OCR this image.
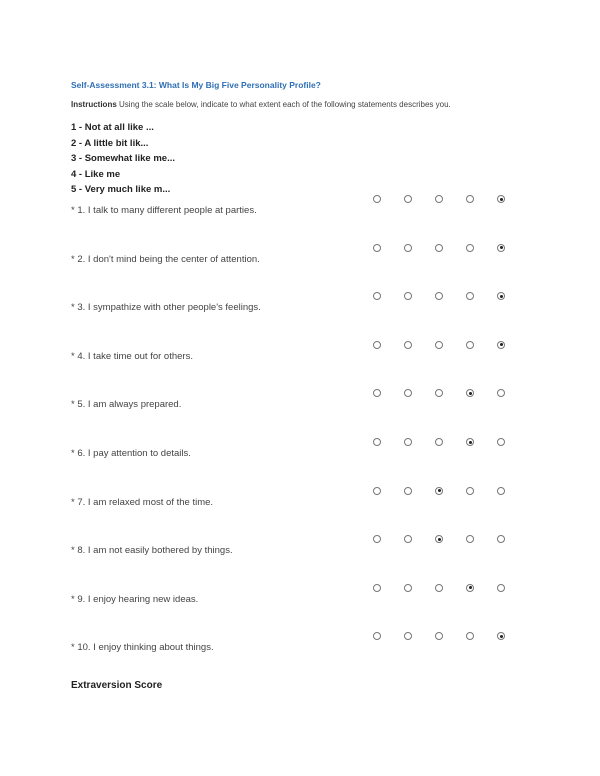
Self-Assessment 3.1: What Is My Big Five Personality Profile?
Instructions Using the scale below, indicate to what extent each of the following statements describes you.
1 - Not at all like ...
2 - A little bit lik...
3 - Somewhat like me...
4 - Like me
5 - Very much like m...
* 1. I talk to many different people at parties.
* 2. I don't mind being the center of attention.
* 3. I sympathize with other people's feelings.
* 4. I take time out for others.
* 5. I am always prepared.
* 6. I pay attention to details.
* 7. I am relaxed most of the time.
* 8. I am not easily bothered by things.
* 9. I enjoy hearing new ideas.
* 10. I enjoy thinking about things.
Extraversion Score
